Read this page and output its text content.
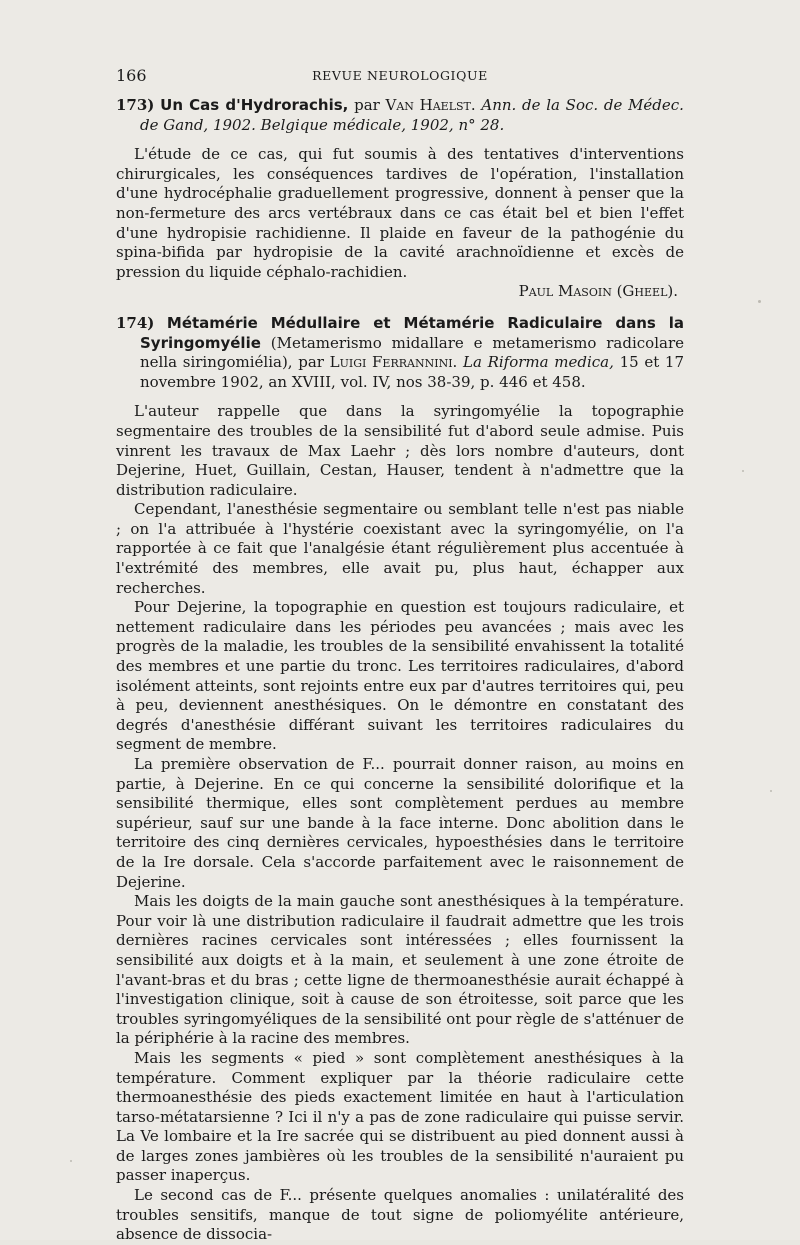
166	REVUE NEUROLOGIQUE

173) Un Cas d'Hydrorachis, par Van Haelst. Ann. de la Soc. de Médec. de Gand, 1902. Belgique médicale, 1902, n° 28.

L'étude de ce cas, qui fut soumis à des tentatives d'interventions chirurgicales, les conséquences tardives de l'opération, l'installation d'une hydrocéphalie graduellement progressive, donnent à penser que la non-fermeture des arcs vertébraux dans ce cas était bel et bien l'effet d'une hydropisie rachidienne. Il plaide en faveur de la pathogénie du spina-bifida par hydropisie de la cavité arachnoïdienne et excès de pression du liquide céphalo-rachidien.

Paul Masoin (Gheel).

174) Métamérie Médullaire et Métamérie Radiculaire dans la Syringomyélie (Metamerismo midallare e metamerismo radicolare nella siringomiélia), par Luigi Ferrannini. La Riforma medica, 15 et 17 novembre 1902, an XVIII, vol. IV, nos 38-39, p. 446 et 458.

L'auteur rappelle que dans la syringomyélie la topographie segmentaire des troubles de la sensibilité fut d'abord seule admise. Puis vinrent les travaux de Max Laehr ; dès lors nombre d'auteurs, dont Dejerine, Huet, Guillain, Cestan, Hauser, tendent à n'admettre que la distribution radiculaire.

Cependant, l'anesthésie segmentaire ou semblant telle n'est pas niable ; on l'a attribuée à l'hystérie coexistant avec la syringomyélie, on l'a rapportée à ce fait que l'analgésie étant régulièrement plus accentuée à l'extrémité des membres, elle avait pu, plus haut, échapper aux recherches.

Pour Dejerine, la topographie en question est toujours radiculaire, et nettement radiculaire dans les périodes peu avancées ; mais avec les progrès de la maladie, les troubles de la sensibilité envahissent la totalité des membres et une partie du tronc. Les territoires radiculaires, d'abord isolément atteints, sont rejoints entre eux par d'autres territoires qui, peu à peu, deviennent anesthésiques. On le démontre en constatant des degrés d'anesthésie différant suivant les territoires radiculaires du segment de membre.

La première observation de F... pourrait donner raison, au moins en partie, à Dejerine. En ce qui concerne la sensibilité dolorifique et la sensibilité thermique, elles sont complètement perdues au membre supérieur, sauf sur une bande à la face interne. Donc abolition dans le territoire des cinq dernières cervicales, hypoesthésies dans le territoire de la Ire dorsale. Cela s'accorde parfaitement avec le raisonnement de Dejerine.

Mais les doigts de la main gauche sont anesthésiques à la température. Pour voir là une distribution radiculaire il faudrait admettre que les trois dernières racines cervicales sont intéressées ; elles fournissent la sensibilité aux doigts et à la main, et seulement à une zone étroite de l'avant-bras et du bras ; cette ligne de thermoanesthésie aurait échappé à l'investigation clinique, soit à cause de son étroitesse, soit parce que les troubles syringomyéliques de la sensibilité ont pour règle de s'atténuer de la périphérie à la racine des membres.

Mais les segments « pied » sont complètement anesthésiques à la température. Comment expliquer par la théorie radiculaire cette thermoanesthésie des pieds exactement limitée en haut à l'articulation tarso-métatarsienne ? Ici il n'y a pas de zone radiculaire qui puisse servir. La Ve lombaire et la Ire sacrée qui se distribuent au pied donnent aussi à de larges zones jambières où les troubles de la sensibilité n'auraient pu passer inaperçus.

Le second cas de F... présente quelques anomalies : unilatéralité des troubles sensitifs, manque de tout signe de poliomyélite antérieure, absence de dissocia-
